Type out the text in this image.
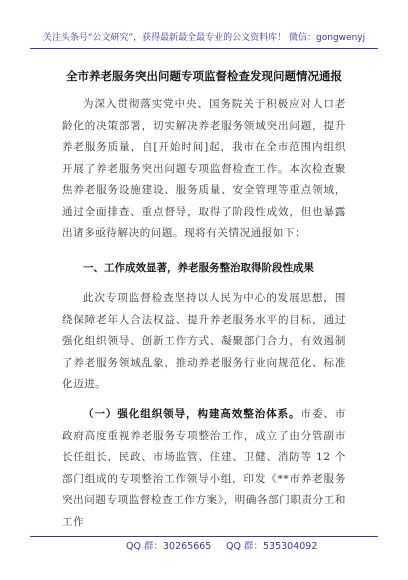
关注头条号“公文研究”，获得最新最全最专业的公文资料库！ 微信：gongwenyj
全市养老服务突出问题专项监督检查发现问题情况通报

为深入贯彻落实党中央、国务院关于积极应对人口老龄化的决策部署，切实解决养老服务领域突出问题，提升养老服务质量，自[开始时间]起，我市在全市范围内组织开展了养老服务突出问题专项监督检查工作。本次检查聚焦养老服务设施建设、服务质量、安全管理等重点领域，通过全面排查、重点督导，取得了阶段性成效，但也暴露出诸多亟待解决的问题。现将有关情况通报如下：

一、工作成效显著，养老服务整治取得阶段性成果

此次专项监督检查坚持以人民为中心的发展思想，围绕保障老年人合法权益、提升养老服务水平的目标，通过强化组织领导、创新工作方式、凝聚部门合力，有效遏制了养老服务领域乱象，推动养老服务行业向规范化、标准化迈进。

（一）强化组织领导，构建高效整治体系。市委、市政府高度重视养老服务专项整治工作，成立了由分管副市长任组长，民政、市场监管、住建、卫健、消防等 12 个部门组成的专项整治工作领导小组，印发《**市养老服务突出问题专项监督检查工作方案》，明确各部门职责分工和工作

QQ 群：30265665 QQ 群：535304092
